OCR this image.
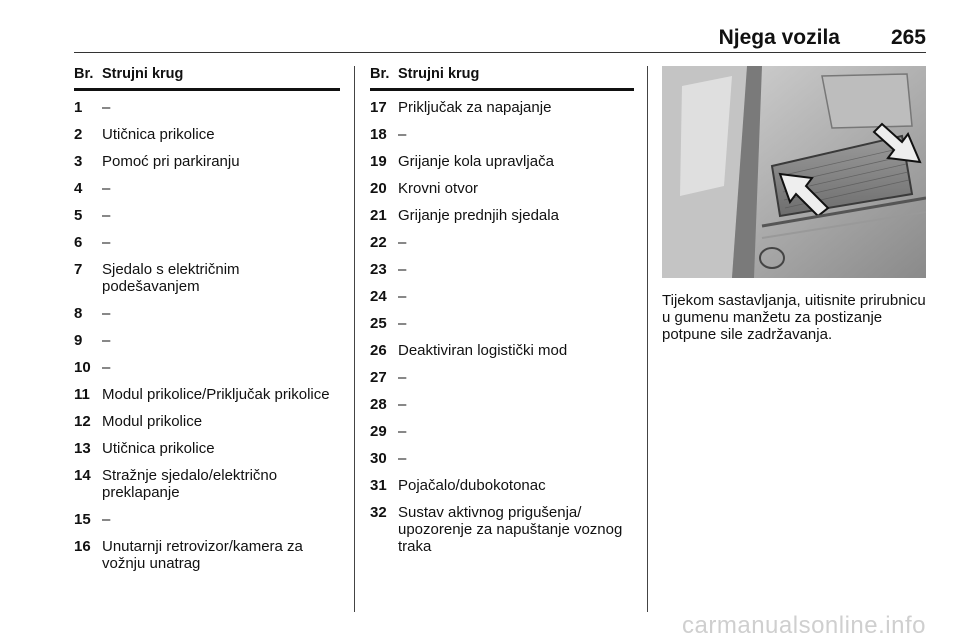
Njega vozila 265
Br. Strujni krug
1	–
2	Utičnica prikolice
3	Pomoć pri parkiranju
4	–
5	–
6	–
7	Sjedalo s električnim podešavanjem
8	–
9	–
10 –
11 Modul prikolice/Priključak prikolice
12 Modul prikolice
13 Utičnica prikolice
14 Stražnje sjedalo/električno preklapanje
15 –
16 Unutarnji retrovizor/kamera za vožnju unatrag
Br. Strujni krug
17 Priključak za napajanje
18 –
19 Grijanje kola upravljača
20 Krovni otvor
21 Grijanje prednjih sjedala
22 –
23 –
24 –
25 –
26 Deaktiviran logistički mod
27 –
28 –
29 –
30 –
31 Pojačalo/dubokotonac
32 Sustav aktivnog prigušenja/ upozorenje za napuštanje voznog traka
Tijekom sastavljanja, uitisnite prirubnicu u gumenu manžetu za postizanje potpune sile zadržavanja.
carmanualsonline.info
